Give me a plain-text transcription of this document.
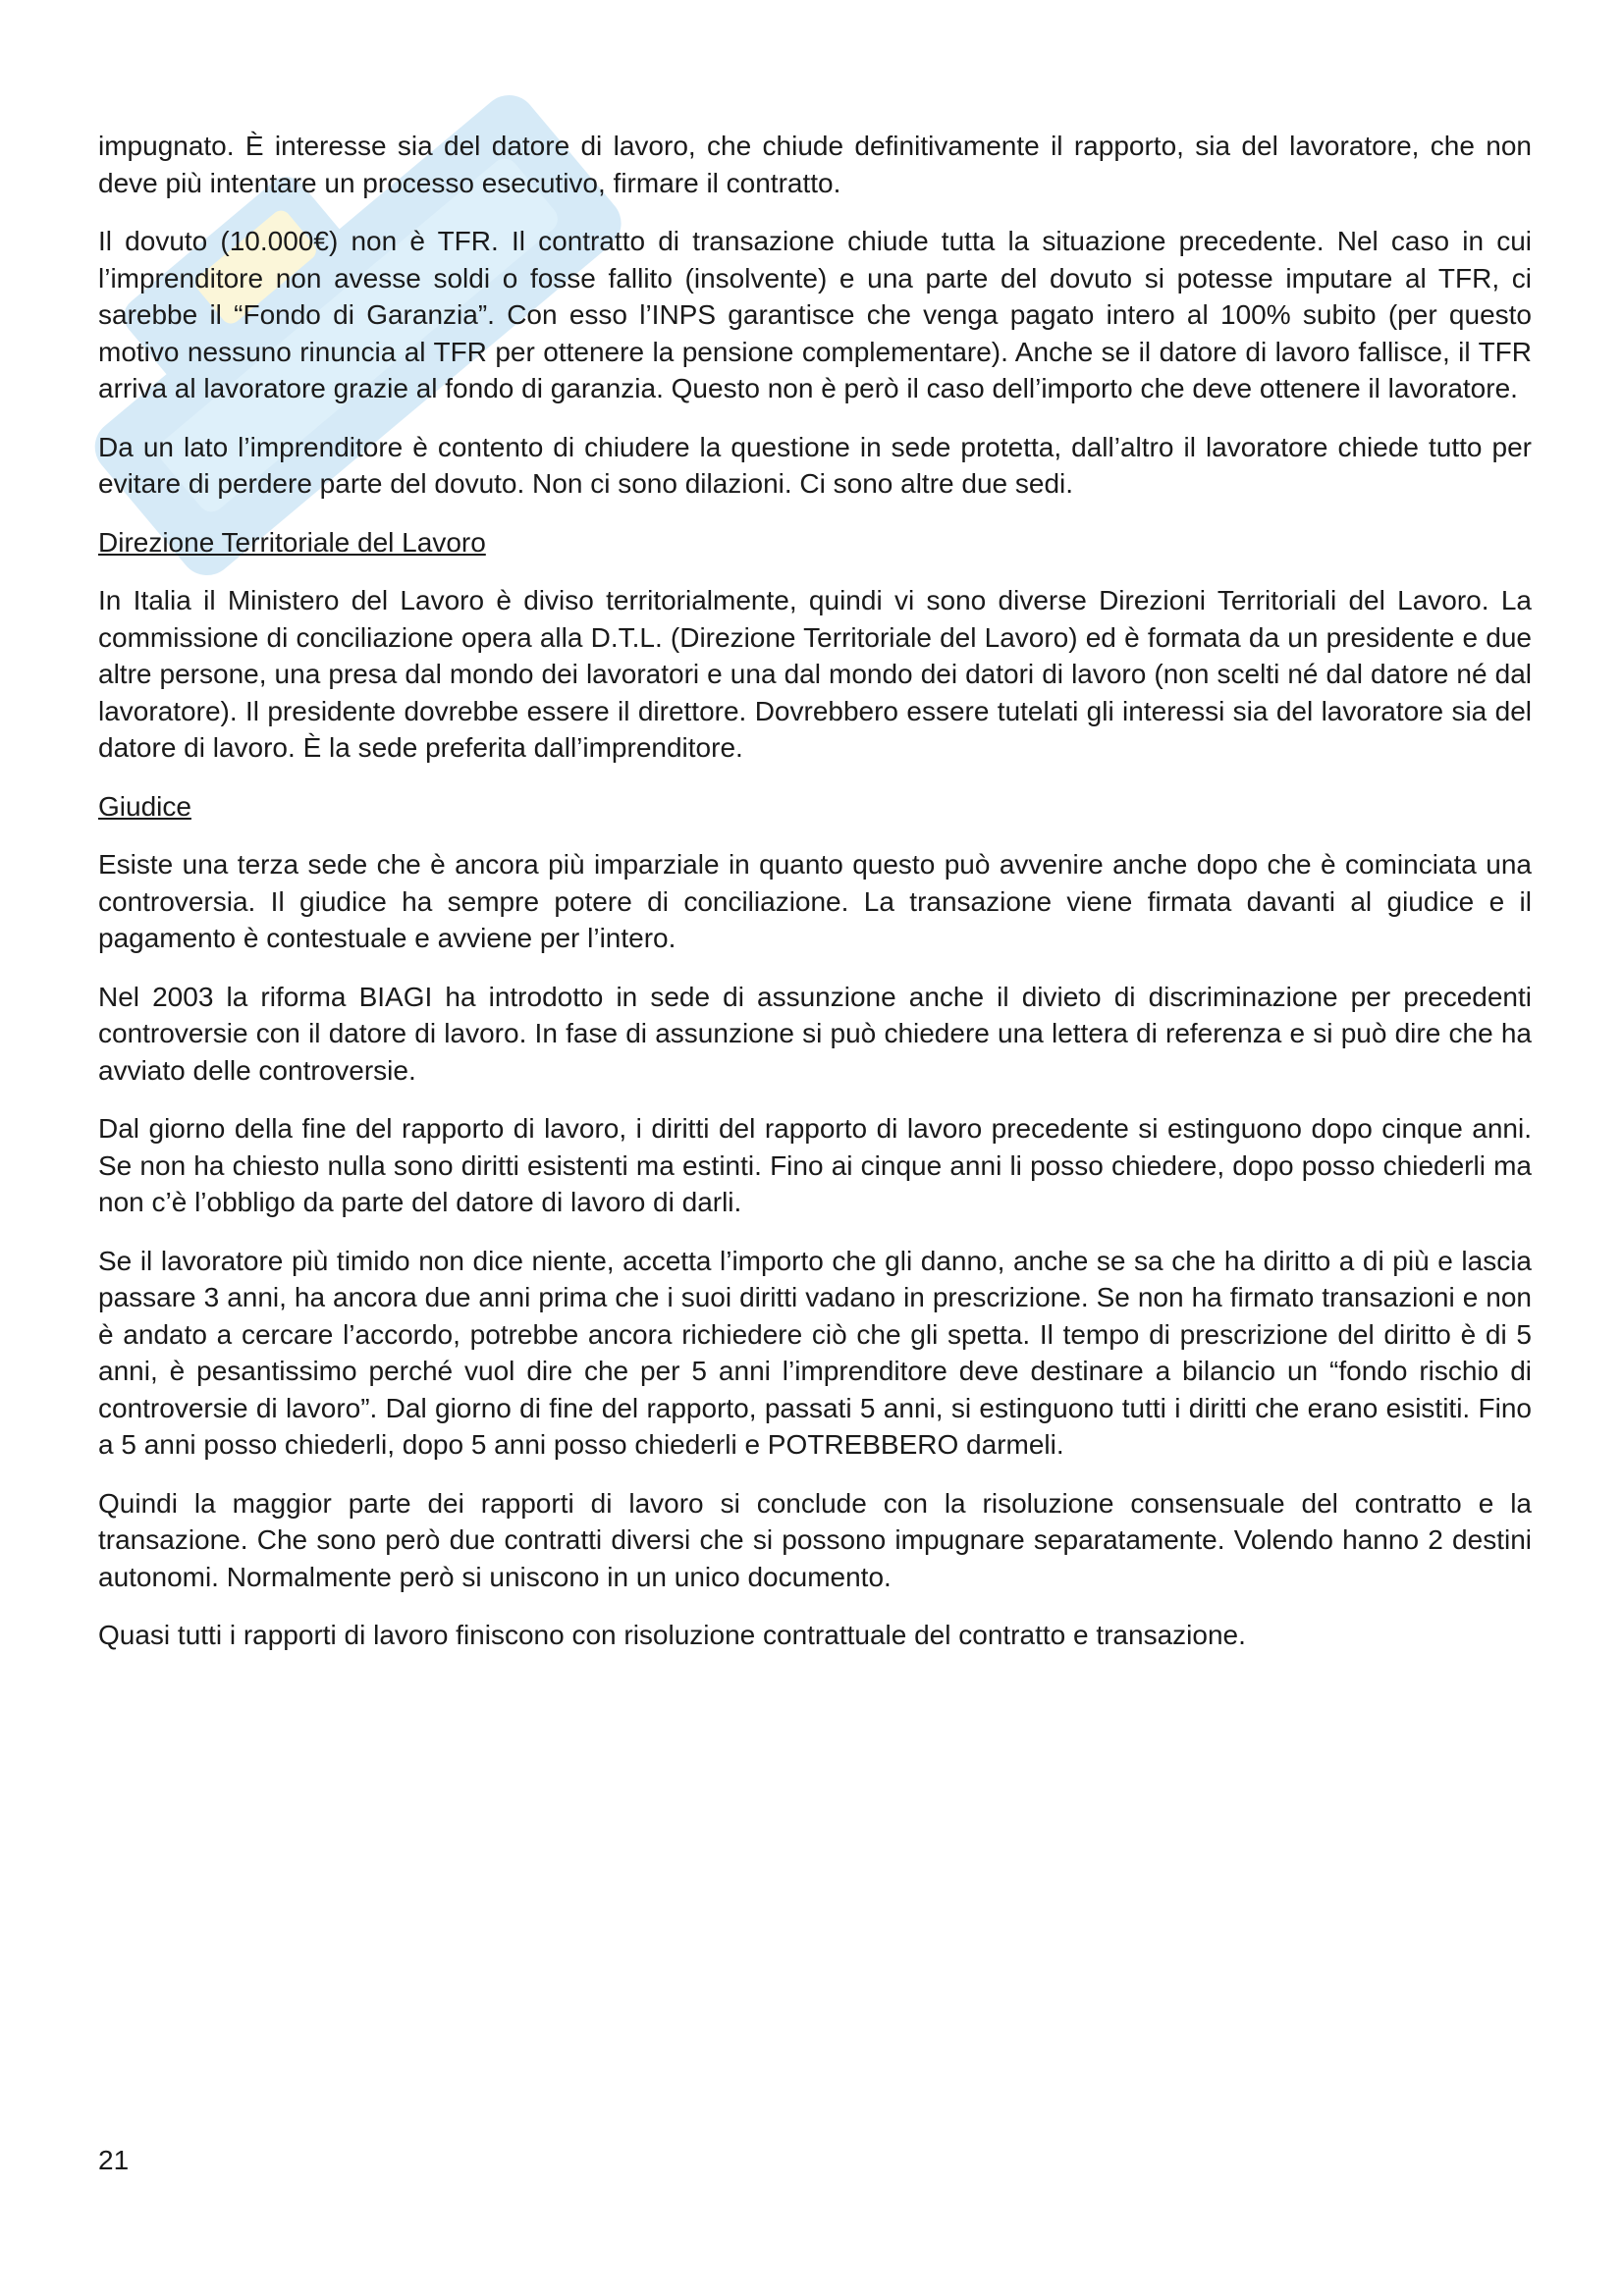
impugnato. È interesse sia del datore di lavoro, che chiude definitivamente il rapporto, sia del lavoratore, che non deve più intentare un processo esecutivo, firmare il contratto.

Il dovuto (10.000€) non è TFR. Il contratto di transazione chiude tutta la situazione precedente. Nel caso in cui l’imprenditore non avesse soldi o fosse fallito (insolvente) e una parte del dovuto si potesse imputare al TFR, ci sarebbe il “Fondo di Garanzia”. Con esso l’INPS garantisce che venga pagato intero al 100% subito (per questo motivo nessuno rinuncia al TFR per ottenere la pensione complementare). Anche se il datore di lavoro fallisce, il TFR arriva al lavoratore grazie al fondo di garanzia. Questo non è però il caso dell’importo che deve ottenere il lavoratore.

Da un lato l’imprenditore è contento di chiudere la questione in sede protetta, dall’altro il lavoratore chiede tutto per evitare di perdere parte del dovuto. Non ci sono dilazioni. Ci sono altre due sedi.

Direzione Territoriale del Lavoro

In Italia il Ministero del Lavoro è diviso territorialmente, quindi vi sono diverse Direzioni Territoriali del Lavoro. La commissione di conciliazione opera alla D.T.L. (Direzione Territoriale del Lavoro) ed è formata da un presidente e due altre persone, una presa dal mondo dei lavoratori e una dal mondo dei datori di lavoro (non scelti né dal datore né dal lavoratore). Il presidente dovrebbe essere il direttore. Dovrebbero essere tutelati gli interessi sia del lavoratore sia del datore di lavoro. È la sede preferita dall’imprenditore.

Giudice

Esiste una terza sede che è ancora più imparziale in quanto questo può avvenire anche dopo che è cominciata una controversia. Il giudice ha sempre potere di conciliazione. La transazione viene firmata davanti al giudice e il pagamento è contestuale e avviene per l’intero.

Nel 2003 la riforma BIAGI ha introdotto in sede di assunzione anche il divieto di discriminazione per precedenti controversie con il datore di lavoro. In fase di assunzione si può chiedere una lettera di referenza e si può dire che ha avviato delle controversie.

Dal giorno della fine del rapporto di lavoro, i diritti del rapporto di lavoro precedente si estinguono dopo cinque anni. Se non ha chiesto nulla sono diritti esistenti ma estinti. Fino ai cinque anni li posso chiedere, dopo posso chiederli ma non c’è l’obbligo da parte del datore di lavoro di darli.

Se il lavoratore più timido non dice niente, accetta l’importo che gli danno, anche se sa che ha diritto a di più e lascia passare 3 anni, ha ancora due anni prima che i suoi diritti vadano in prescrizione. Se non ha firmato transazioni e non è andato a cercare l’accordo, potrebbe ancora richiedere ciò che gli spetta. Il tempo di prescrizione del diritto è di 5 anni, è pesantissimo perché vuol dire che per 5 anni l’imprenditore deve destinare a bilancio un “fondo rischio di controversie di lavoro”. Dal giorno di fine del rapporto, passati 5 anni, si estinguono tutti i diritti che erano esistiti. Fino a 5 anni posso chiederli, dopo 5 anni posso chiederli e POTREBBERO darmeli.

Quindi la maggior parte dei rapporti di lavoro si conclude con la risoluzione consensuale del contratto e la transazione. Che sono però due contratti diversi che si possono impugnare separatamente. Volendo hanno 2 destini autonomi. Normalmente però si uniscono in un unico documento.

Quasi tutti i rapporti di lavoro finiscono con risoluzione contrattuale del contratto e transazione.

21
